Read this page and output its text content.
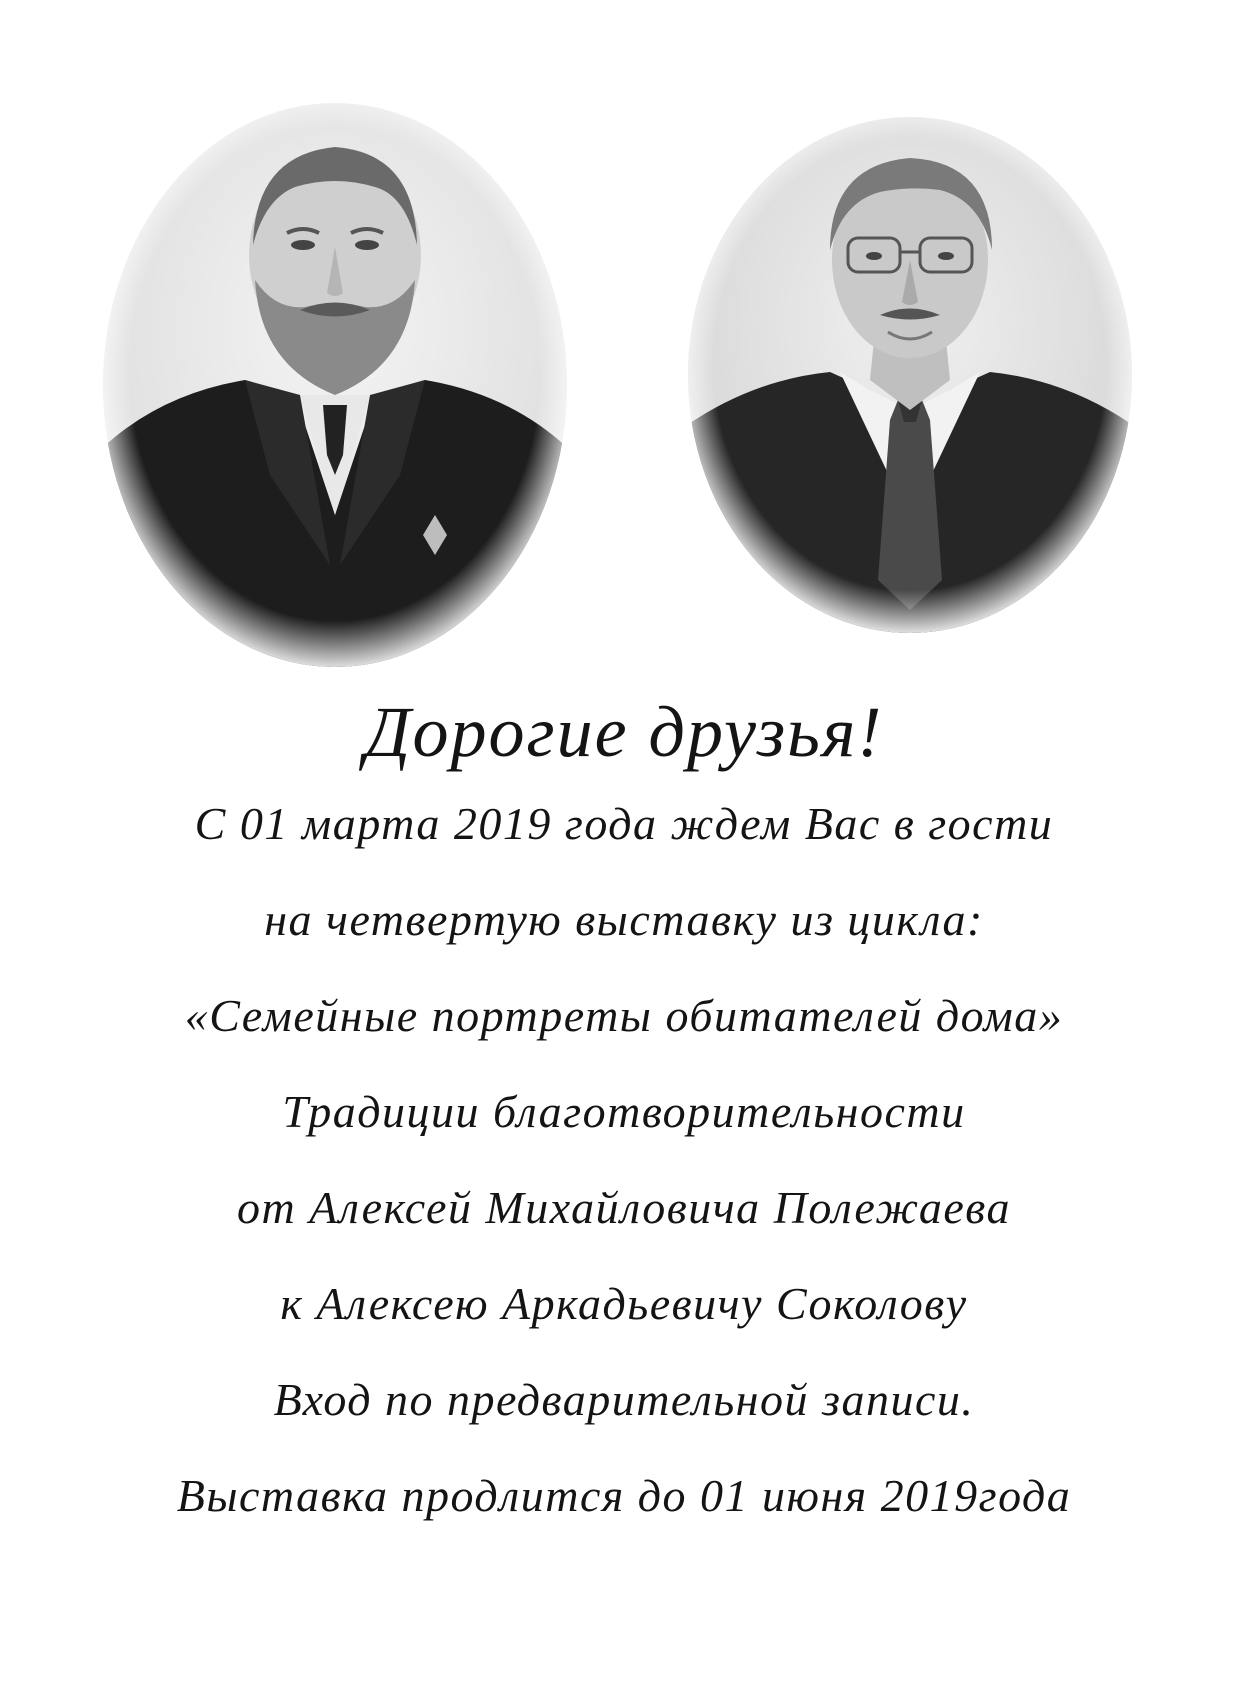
Дорогие друзья!

С 01 марта 2019 года ждем Вас в гости

на четвертую выставку из цикла:

«Семейные портреты обитателей дома»

Традиции благотворительности

от Алексей Михайловича Полежаева

к Алексею Аркадьевичу Соколову

Вход по предварительной записи.

Выставка продлится до 01 июня 2019года
